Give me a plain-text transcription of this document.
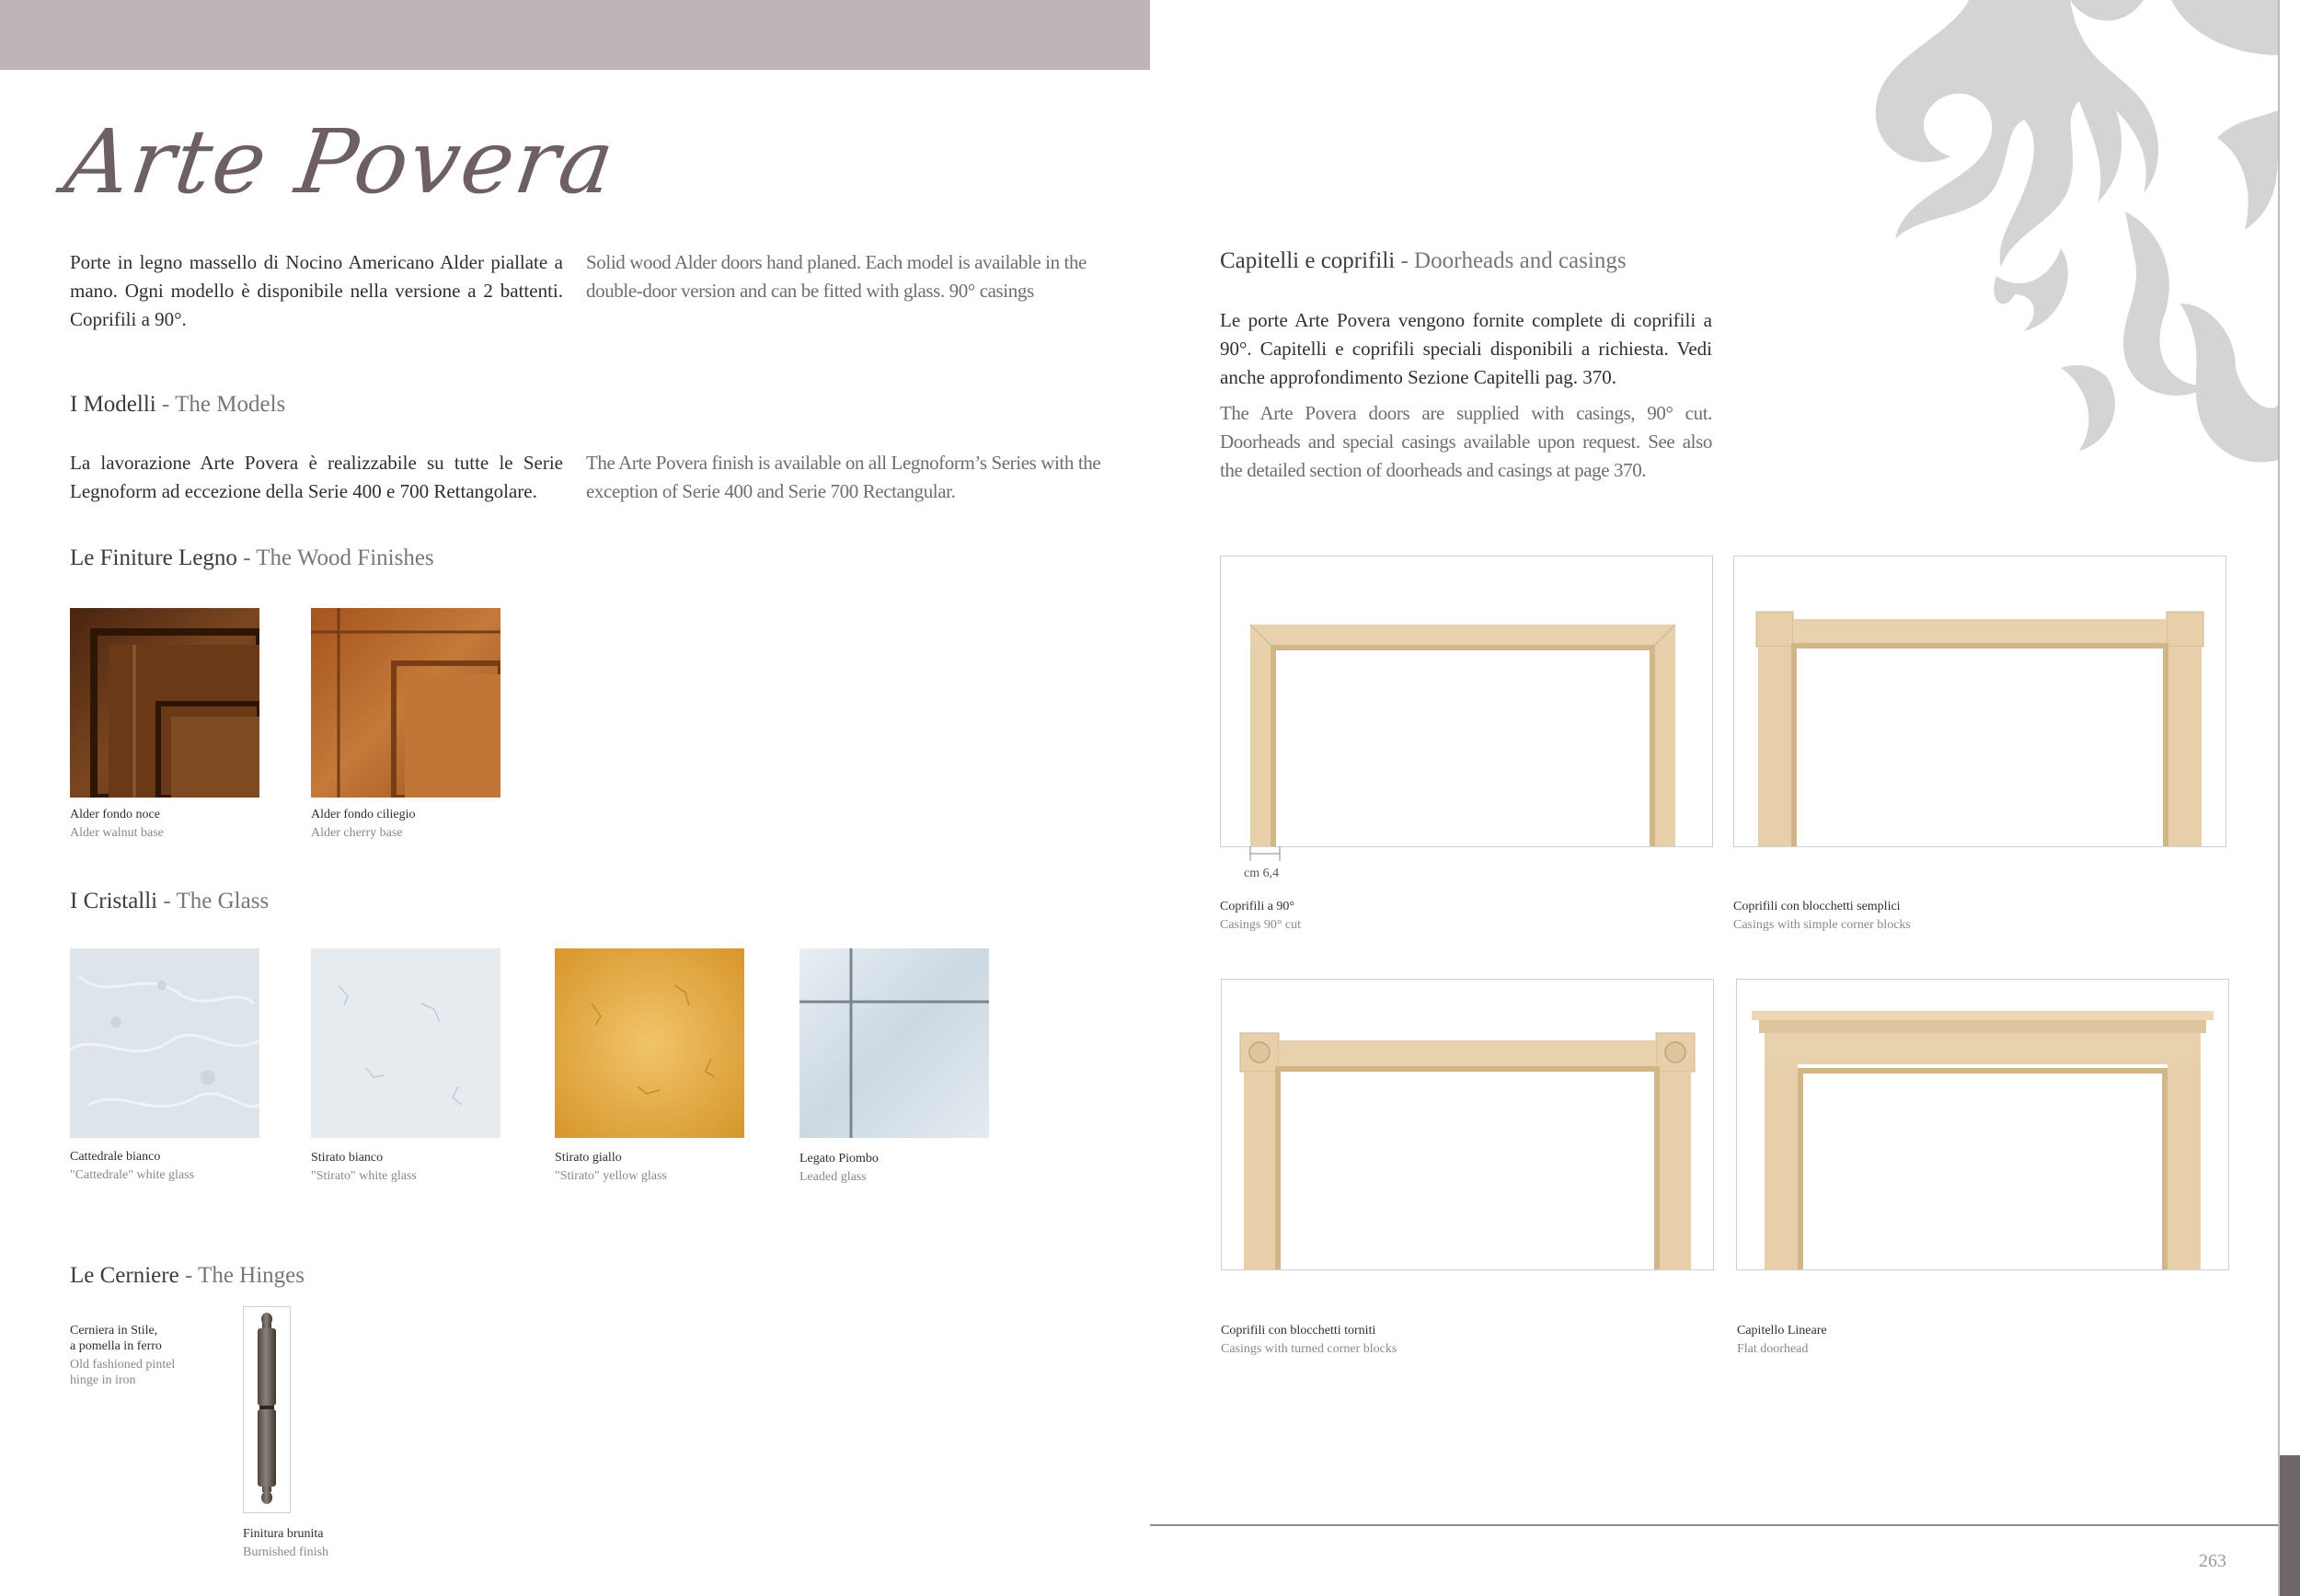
Arte Povera
Porte in legno massello di Nocino Americano Alder piallate a mano. Ogni modello è disponibile nella versione a 2 battenti. Coprifili a 90°.
Solid wood Alder doors hand planed. Each model is available in the double-door version and can be fitted with glass. 90° casings
I Modelli - The Models
La lavorazione Arte Povera è realizzabile su tutte le Serie Legnoform ad eccezione della Serie 400 e 700 Rettangolare.
The Arte Povera finish is available on all Legnoform’s Series with the exception of Serie 400 and Serie 700 Rectangular.
Le Finiture Legno - The Wood Finishes
Alder fondo noce
Alder walnut base
Alder fondo ciliegio
Alder cherry base
I Cristalli - The Glass
Cattedrale bianco
"Cattedrale" white glass
Stirato bianco
"Stirato" white glass
Stirato giallo
"Stirato" yellow glass
Legato Piombo
Leaded glass
Le Cerniere - The Hinges
Cerniera in Stile,
a pomella in ferro
Old fashioned pintel
hinge in iron
Finitura brunita
Burnished finish
Capitelli e coprifili - Doorheads and casings
Le porte Arte Povera vengono fornite complete di coprifili a 90°. Capitelli e coprifili speciali disponibili a richiesta. Vedi anche approfondimento Sezione Capitelli pag. 370.
The Arte Povera doors are supplied with casings, 90° cut. Doorheads and special casings available upon request. See also the detailed section of doorheads and casings at page 370.
cm 6,4
Coprifili a 90°
Casings 90° cut
Coprifili con blocchetti semplici
Casings with simple corner blocks
Coprifili con blocchetti torniti
Casings with turned corner blocks
Capitello Lineare
Flat doorhead
263
